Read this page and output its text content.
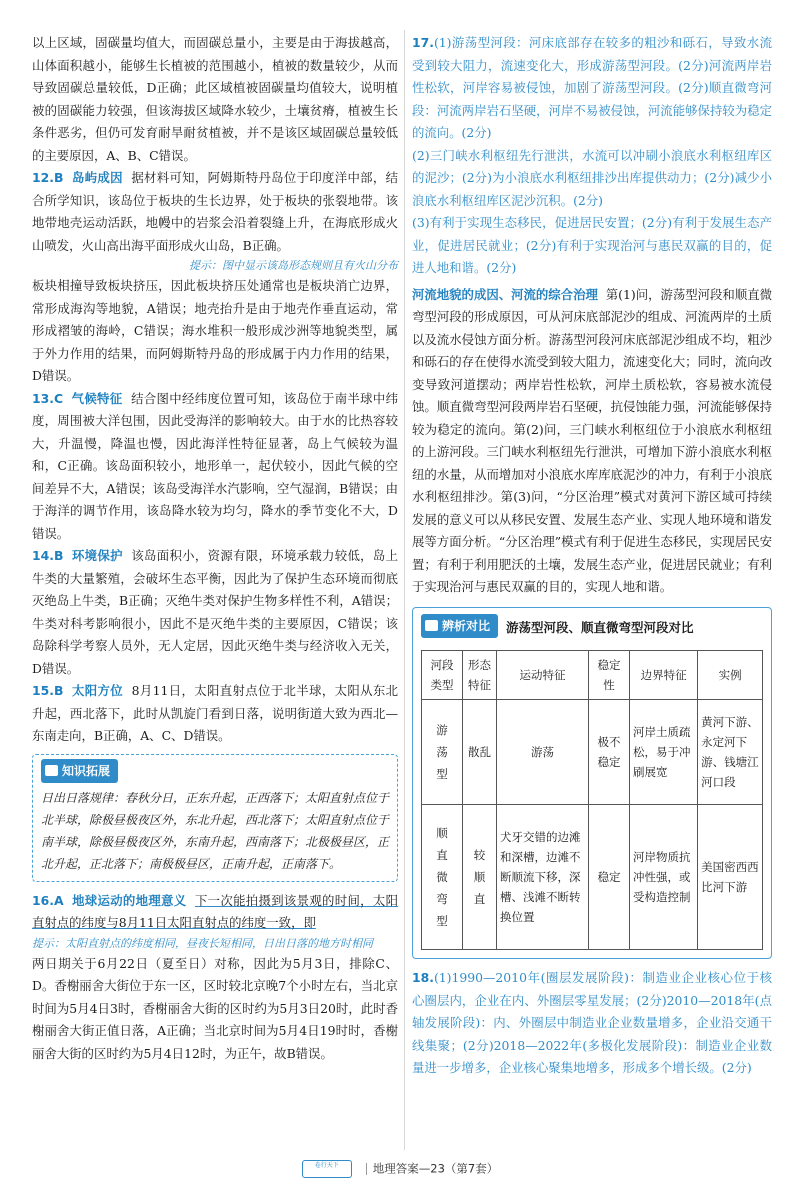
以上区域，固碳量均值大，而固碳总量小，主要是由于海拔越高，山体面积越小，能够生长植被的范围越小，植被的数量较少，从而导致固碳总量较低，D正确；此区域植被固碳量均值较大，说明植被的固碳能力较强，但该海拔区域降水较少，土壤贫瘠，植被生长条件恶劣，但仍可发育耐旱耐贫植被，并不是该区域固碳总量较低的主要原因，A、B、C错误。

12.B 岛屿成因 据材料可知，阿姆斯特丹岛位于印度洋中部，结合所学知识，该岛位于板块的生长边界，处于板块的张裂地带。该地带地壳运动活跃，地幔中的岩浆会沿着裂缝上升，在海底形成火山喷发，火山高出海平面形成火山岛，B正确。

提示：图中显示该岛形态规则且有火山分布

板块相撞导致板块挤压，因此板块挤压处通常也是板块消亡边界，常形成海沟等地貌，A错误；地壳抬升是由于地壳作垂直运动，常形成褶皱的海岭，C错误；海水堆积一般形成沙洲等地貌类型，属于外力作用的结果，而阿姆斯特丹岛的形成属于内力作用的结果，D错误。

13.C 气候特征 结合图中经纬度位置可知，该岛位于南半球中纬度，周围被大洋包围，因此受海洋的影响较大。由于水的比热容较大，升温慢，降温也慢，因此海洋性特征显著，岛上气候较为温和，C正确。该岛面积较小，地形单一，起伏较小，因此气候的空间差异不大，A错误；该岛受海洋水汽影响，空气湿润，B错误；由于海洋的调节作用，该岛降水较为均匀，降水的季节变化不大，D错误。

14.B 环境保护 该岛面积小，资源有限，环境承载力较低，岛上牛类的大量繁殖，会破坏生态平衡，因此为了保护生态环境而彻底灭绝岛上牛类，B正确；灭绝牛类对保护生物多样性不利，A错误；牛类对科考影响很小，因此不是灭绝牛类的主要原因，C错误；该岛除科学考察人员外，无人定居，因此灭绝牛类与经济收入无关，D错误。

15.B 太阳方位 8月11日，太阳直射点位于北半球，太阳从东北升起，西北落下，此时从凯旋门看到日落，说明街道大致为西北—东南走向，B正确，A、C、D错误。

知识拓展

日出日落规律：春秋分日，正东升起，正西落下；太阳直射点位于北半球，除极昼极夜区外，东北升起，西北落下；太阳直射点位于南半球，除极昼极夜区外，东南升起，西南落下；北极极昼区，正北升起，正北落下；南极极昼区，正南升起，正南落下。

16.A 地球运动的地理意义 下一次能拍摄到该景观的时间，太阳直射点的纬度与8月11日太阳直射点的纬度一致，即

提示：太阳直射点的纬度相同，昼夜长短相同，日出日落的地方时相同

两日期关于6月22日（夏至日）对称，因此为5月3日，排除C、D。香榭丽舍大街位于东一区，区时较北京晚7个小时左右，当北京时间为5月4日3时，香榭丽舍大街的区时约为5月3日20时，此时香榭丽舍大街正值日落，A正确；当北京时间为5月4日19时时，香榭丽舍大街的区时约为5月4日12时，为正午，故B错误。

17.(1)游荡型河段：河床底部存在较多的粗沙和砾石，导致水流受到较大阻力，流速变化大，形成游荡型河段。(2分)河流两岸岩性松软，河岸容易被侵蚀，加剧了游荡型河段。(2分)顺直微弯河段：河流两岸岩石坚硬，河岸不易被侵蚀，河流能够保持较为稳定的流向。(2分)

(2)三门峡水利枢纽先行泄洪，水流可以冲刷小浪底水利枢纽库区的泥沙；(2分)为小浪底水利枢纽排沙出库提供动力；(2分)减少小浪底水利枢纽库区泥沙沉积。(2分)

(3)有利于实现生态移民，促进居民安置；(2分)有利于发展生态产业，促进居民就业；(2分)有利于实现治河与惠民双赢的目的，促进人地和谐。(2分)

河流地貌的成因、河流的综合治理 第(1)问，游荡型河段和顺直微弯型河段的形成原因，可从河床底部泥沙的组成、河流两岸的土质以及流水侵蚀方面分析。游荡型河段河床底部泥沙组成不均，粗沙和砾石的存在使得水流受到较大阻力，流速变化大；同时，流向改变导致河道摆动；两岸岩性松软，河岸土质松软，容易被水流侵蚀。顺直微弯型河段两岸岩石坚硬，抗侵蚀能力强，河流能够保持较为稳定的流向。第(2)问，三门峡水利枢纽位于小浪底水利枢纽的上游河段。三门峡水利枢纽先行泄洪，可增加下游小浪底水利枢纽的水量，从而增加对小浪底水库库底泥沙的冲力，有利于小浪底水利枢纽排沙。第(3)问，“分区治理”模式对黄河下游区域可持续发展的意义可以从移民安置、发展生态产业、实现人地环境和谐发展等方面分析。“分区治理”模式有利于促进生态移民，实现居民安置；有利于利用肥沃的土壤，发展生态产业，促进居民就业；有利于实现治河与惠民双赢的目的，实现人地和谐。

辨析对比	游荡型河段、顺直微弯型河段对比
河段类型	形态特征	运动特征	稳定性	边界特征	实例
游荡型	散乱	游荡	极不稳定	河岸土质疏松，易于冲刷展宽	黄河下游、永定河下游、钱塘江河口段
顺直微弯型	较顺直	犬牙交错的边滩和深槽，边滩不断顺流下移，深槽、浅滩不断转换位置	稳定	河岸物质抗冲性强，或受构造控制	美国密西西比河下游

18.(1)1990—2010年(圈层发展阶段)：制造业企业核心位于核心圈层内，企业在内、外圈层零星发展；(2分)2010—2018年(点轴发展阶段)：内、外圈层中制造业企业数量增多，企业沿交通干线集聚；(2分)2018—2022年(多极化发展阶段)：制造业企业数量进一步增多，企业核心聚集地增多，形成多个增长级。(2分)

卷行天下	地理答案—23（第7套）
